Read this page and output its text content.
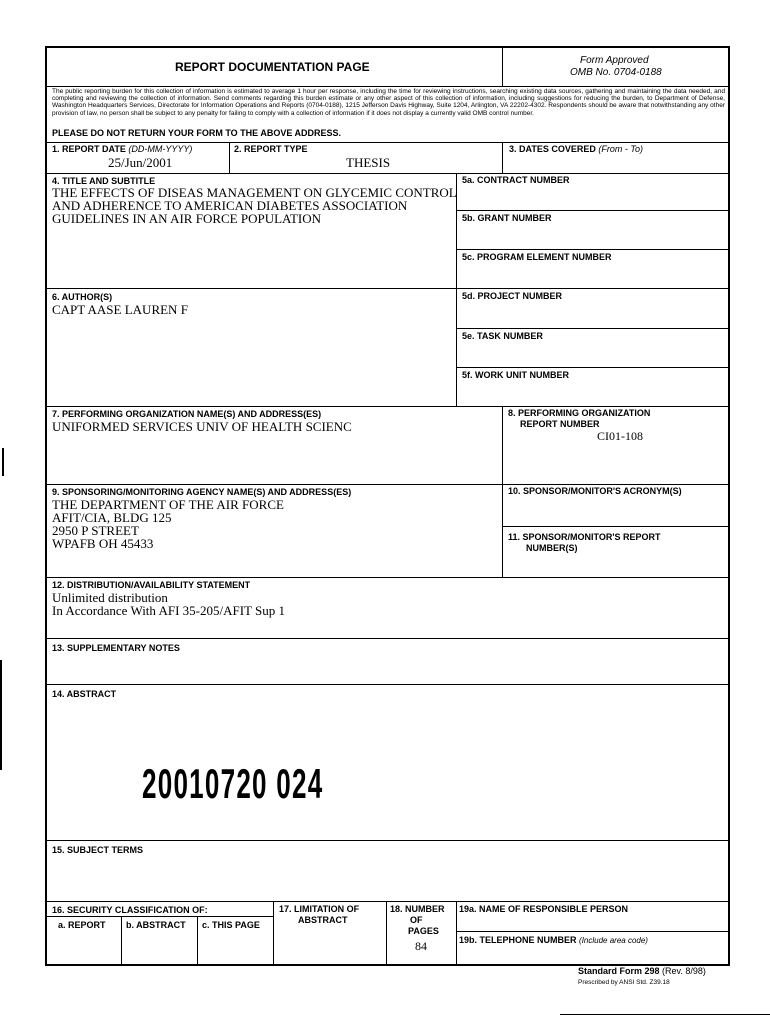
REPORT DOCUMENTATION PAGE	Form Approved
OMB No. 0704-0188
The public reporting burden for this collection of information is estimated to average 1 hour per response, including the time for reviewing instructions, searching existing data sources, gathering and maintaining the data needed, and completing and reviewing the collection of information. Send comments regarding this burden estimate or any other aspect of this collection of information, including suggestions for reducing the burden, to Department of Defense, Washington Headquarters Services, Directorate for Information Operations and Reports (0704-0188), 1215 Jefferson Davis Highway, Suite 1204, Arlington, VA 22202-4302. Respondents should be aware that notwithstanding any other provision of law, no person shall be subject to any penalty for failing to comply with a collection of information if it does not display a currently valid OMB control number.
PLEASE DO NOT RETURN YOUR FORM TO THE ABOVE ADDRESS.
1. REPORT DATE (DD-MM-YYYY)
25/Jun/2001
2. REPORT TYPE
THESIS
3. DATES COVERED (From - To)
4. TITLE AND SUBTITLE
THE EFFECTS OF DISEAS MANAGEMENT ON GLYCEMIC CONTROL
AND ADHERENCE TO AMERICAN DIABETES ASSOCIATION
GUIDELINES IN AN AIR FORCE POPULATION
5a. CONTRACT NUMBER
5b. GRANT NUMBER
5c. PROGRAM ELEMENT NUMBER
6. AUTHOR(S)
CAPT AASE LAUREN F
5d. PROJECT NUMBER
5e. TASK NUMBER
5f. WORK UNIT NUMBER
7. PERFORMING ORGANIZATION NAME(S) AND ADDRESS(ES)
UNIFORMED SERVICES UNIV OF HEALTH SCIENC
8. PERFORMING ORGANIZATION
REPORT NUMBER
CI01-108
9. SPONSORING/MONITORING AGENCY NAME(S) AND ADDRESS(ES)
THE DEPARTMENT OF THE AIR FORCE
AFIT/CIA, BLDG 125
2950 P STREET
WPAFB OH 45433
10. SPONSOR/MONITOR'S ACRONYM(S)
11. SPONSOR/MONITOR'S REPORT
NUMBER(S)
12. DISTRIBUTION/AVAILABILITY STATEMENT
Unlimited distribution
In Accordance With AFI 35-205/AFIT Sup 1
13. SUPPLEMENTARY NOTES
14. ABSTRACT
20010720 024
15. SUBJECT TERMS
16. SECURITY CLASSIFICATION OF:
a. REPORT b. ABSTRACT c. THIS PAGE
17. LIMITATION OF
ABSTRACT
18. NUMBER
OF
PAGES
84
19a. NAME OF RESPONSIBLE PERSON
19b. TELEPHONE NUMBER (Include area code)
Standard Form 298 (Rev. 8/98)
Prescribed by ANSI Std. Z39.18
